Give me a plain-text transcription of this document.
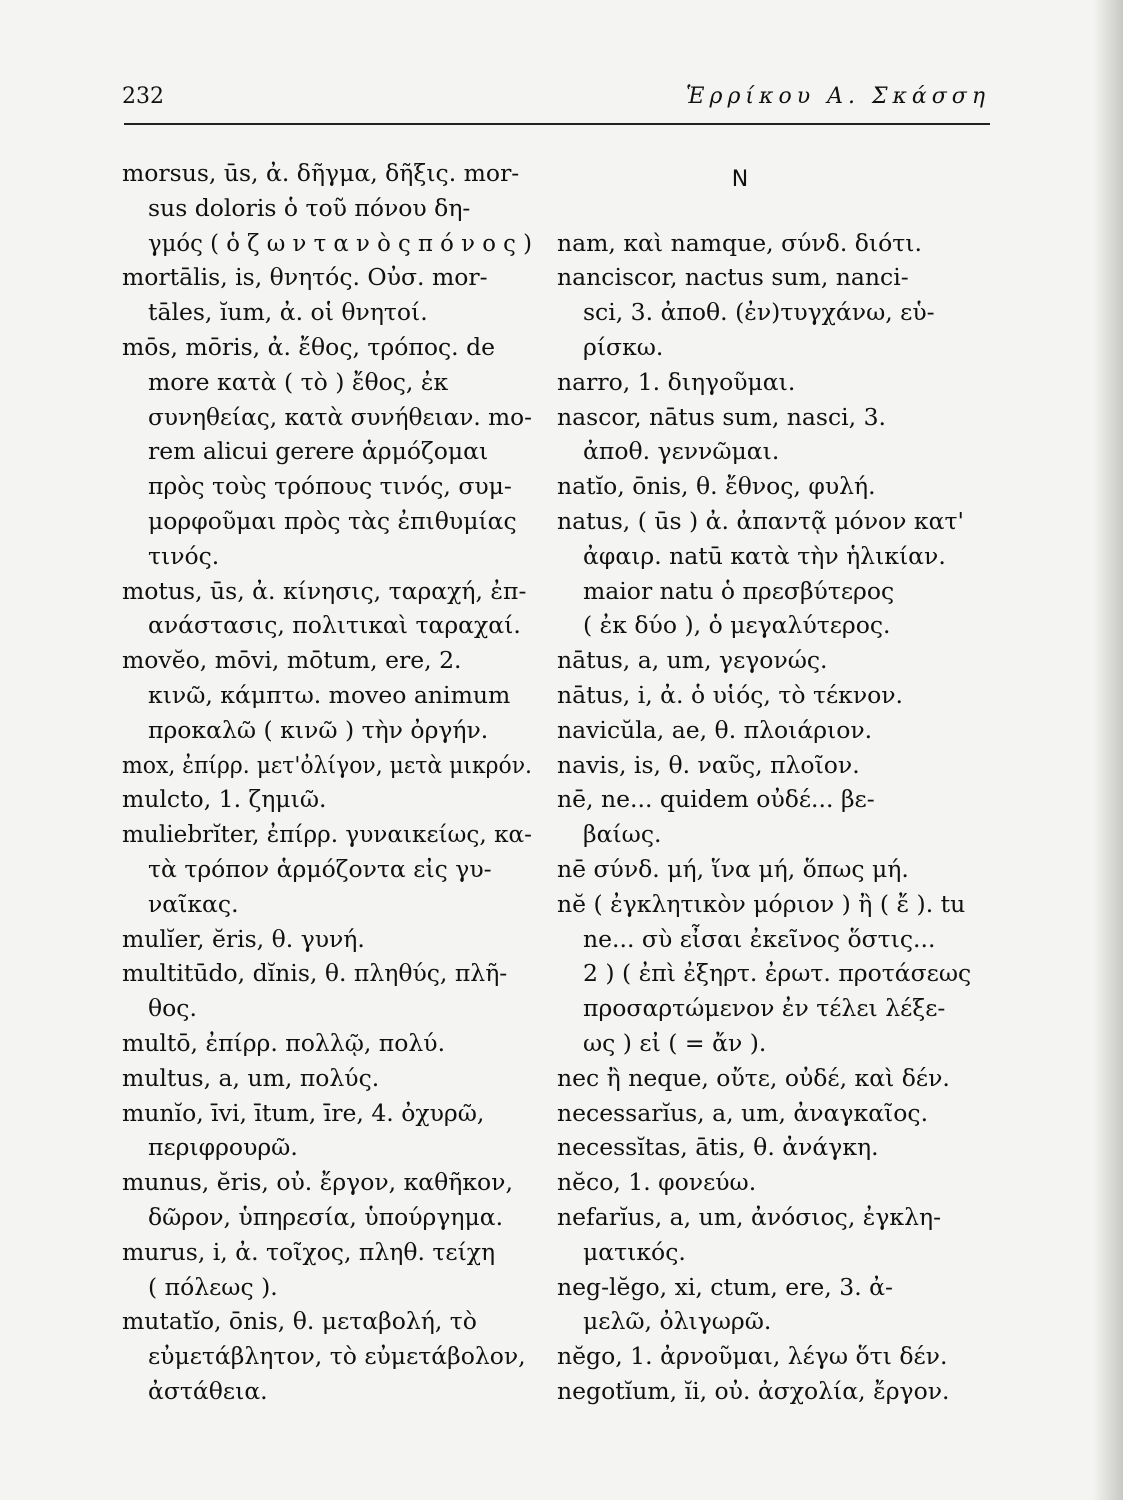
232	Ἑρρίκου Α. Σκάσση
morsus, ūs, ἀ. δῆγμα, δῆξις. mor-
sus doloris ὁ τοῦ πόνου δη-
γμός ( ὁ ζ ω ν τ α ν ὸ ς π ό ν ο ς )
mortālis, is, θνητός. Οὐσ. mor-
tāles, ĭum, ἀ. οἱ θνητοί.
mōs, mōris, ἀ. ἔθος, τρόπος. de
more κατὰ ( τὸ ) ἔθος, ἐκ
συνηθείας, κατὰ συνήθειαν. mo-
rem alicui gerere ἁρμόζομαι
πρὸς τοὺς τρόπους τινός, συμ-
μορφοῦμαι πρὸς τὰς ἐπιθυμίας
τινός.
motus, ūs, ἀ. κίνησις, ταραχή, ἐπ-
ανάστασις, πολιτικαὶ ταραχαί.
movĕo, mōvi, mōtum, ere, 2.
κινῶ, κάμπτω. moveo animum
προκαλῶ ( κινῶ ) τὴν ὀργήν.
mox, ἐπίρρ. μετ'ὀλίγον, μετὰ μικρόν.
mulcto, 1. ζημιῶ.
muliebrĭter, ἐπίρρ. γυναικείως, κα-
τὰ τρόπον ἁρμόζοντα εἰς γυ-
ναῖκας.
mulĭer, ĕris, θ. γυνή.
multitūdo, dĭnis, θ. πληθύς, πλῆ-
θος.
multō, ἐπίρρ. πολλῷ, πολύ.
multus, a, um, πολύς.
munĭo, īvi, ītum, īre, 4. ὀχυρῶ,
περιφρουρῶ.
munus, ĕris, οὐ. ἔργον, καθῆκον,
δῶρον, ὑπηρεσία, ὑπούργημα.
murus, i, ἀ. τοῖχος, πληθ. τείχη
( πόλεως ).
mutatĭo, ōnis, θ. μεταβολή, τὸ
εὐμετάβλητον, τὸ εὐμετάβολον,
ἀστάθεια.
N
nam, καὶ namque, σύνδ. διότι.
nanciscor, nactus sum, nanci-
sci, 3. ἀποθ. (ἐν)τυγχάνω, εὑ-
ρίσκω.
narro, 1. διηγοῦμαι.
nascor, nātus sum, nasci, 3.
ἀποθ. γεννῶμαι.
natĭo, ōnis, θ. ἔθνος, φυλή.
natus, ( ūs ) ἀ. ἀπαντᾷ μόνον κατ'
ἀφαιρ. natū κατὰ τὴν ἡλικίαν.
maior natu ὁ πρεσβύτερος
( ἐκ δύο ), ὁ μεγαλύτερος.
nātus, a, um, γεγονώς.
nātus, i, ἀ. ὁ υἱός, τὸ τέκνον.
navicŭla, ae, θ. πλοιάριον.
navis, is, θ. ναῦς, πλοῖον.
nē, ne... quidem οὐδέ... βε-
βαίως.
nē σύνδ. μή, ἵνα μή, ὅπως μή.
nĕ ( ἐγκλητικὸν μόριον ) ἢ ( ἔ ). tu
ne... σὺ εἶσαι ἐκεῖνος ὅστις...
2 ) ( ἐπὶ ἐξηρτ. ἐρωτ. προτάσεως
προσαρτώμενον ἐν τέλει λέξε-
ως ) εἰ ( = ἄν ).
nec ἢ neque, οὔτε, οὐδέ, καὶ δέν.
necessarĭus, a, um, ἀναγκαῖος.
necessĭtas, ātis, θ. ἀνάγκη.
nĕco, 1. φονεύω.
nefarĭus, a, um, ἀνόσιος, ἐγκλη-
ματικός.
neg-lĕgo, xi, ctum, ere, 3. ἀ-
μελῶ, ὀλιγωρῶ.
nĕgo, 1. ἀρνοῦμαι, λέγω ὅτι δέν.
negotĭum, ĭi, οὐ. ἀσχολία, ἔργον.
